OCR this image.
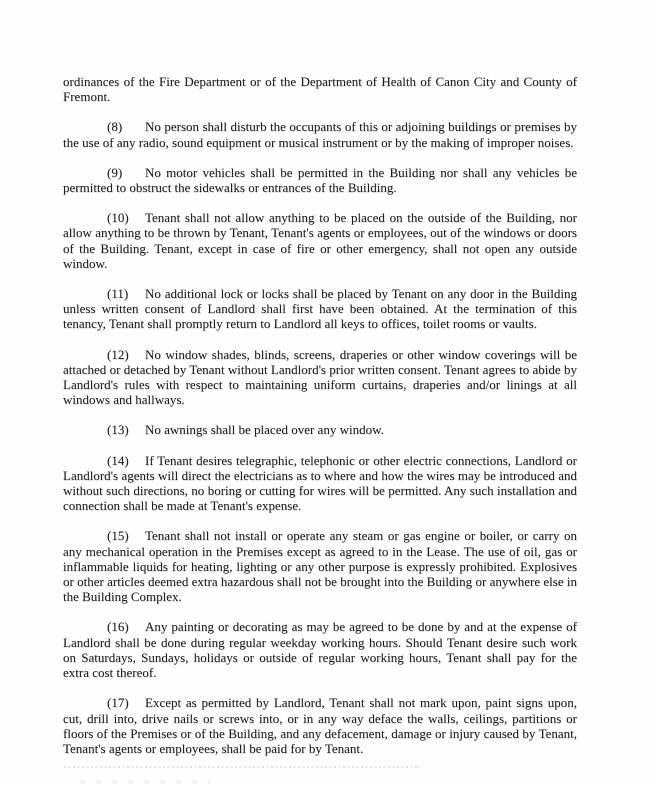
ordinances of the Fire Department or of the Department of Health of Canon City and County of Fremont.

(8) No person shall disturb the occupants of this or adjoining buildings or premises by the use of any radio, sound equipment or musical instrument or by the making of improper noises.

(9) No motor vehicles shall be permitted in the Building nor shall any vehicles be permitted to obstruct the sidewalks or entrances of the Building.

(10) Tenant shall not allow anything to be placed on the outside of the Building, nor allow anything to be thrown by Tenant, Tenant's agents or employees, out of the windows or doors of the Building. Tenant, except in case of fire or other emergency, shall not open any outside window.

(11) No additional lock or locks shall be placed by Tenant on any door in the Building unless written consent of Landlord shall first have been obtained. At the termination of this tenancy, Tenant shall promptly return to Landlord all keys to offices, toilet rooms or vaults.

(12) No window shades, blinds, screens, draperies or other window coverings will be attached or detached by Tenant without Landlord's prior written consent. Tenant agrees to abide by Landlord's rules with respect to maintaining uniform curtains, draperies and/or linings at all windows and hallways.

(13) No awnings shall be placed over any window.

(14) If Tenant desires telegraphic, telephonic or other electric connections, Landlord or Landlord's agents will direct the electricians as to where and how the wires may be introduced and without such directions, no boring or cutting for wires will be permitted. Any such installation and connection shall be made at Tenant's expense.

(15) Tenant shall not install or operate any steam or gas engine or boiler, or carry on any mechanical operation in the Premises except as agreed to in the Lease. The use of oil, gas or inflammable liquids for heating, lighting or any other purpose is expressly prohibited. Explosives or other articles deemed extra hazardous shall not be brought into the Building or anywhere else in the Building Complex.

(16) Any painting or decorating as may be agreed to be done by and at the expense of Landlord shall be done during regular weekday working hours. Should Tenant desire such work on Saturdays, Sundays, holidays or outside of regular working hours, Tenant shall pay for the extra cost thereof.

(17) Except as permitted by Landlord, Tenant shall not mark upon, paint signs upon, cut, drill into, drive nails or screws into, or in any way deface the walls, ceilings, partitions or floors of the Premises or of the Building, and any defacement, damage or injury caused by Tenant, Tenant's agents or employees, shall be paid for by Tenant.
